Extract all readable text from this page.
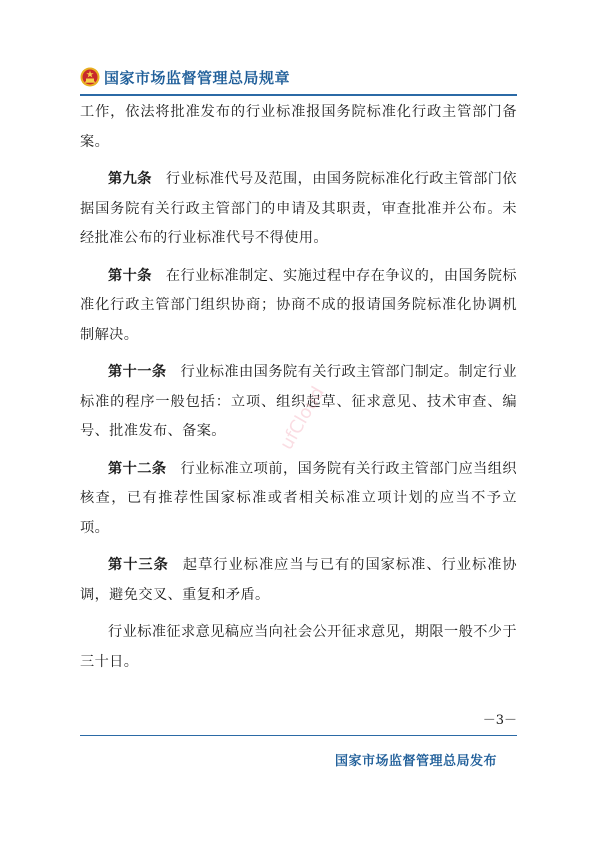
国家市场监督管理总局规章

工作，依法将批准发布的行业标准报国务院标准化行政主管部门备案。

第九条 行业标准代号及范围，由国务院标准化行政主管部门依据国务院有关行政主管部门的申请及其职责，审查批准并公布。未经批准公布的行业标准代号不得使用。

第十条 在行业标准制定、实施过程中存在争议的，由国务院标准化行政主管部门组织协商；协商不成的报请国务院标准化协调机制解决。

第十一条 行业标准由国务院有关行政主管部门制定。制定行业标准的程序一般包括：立项、组织起草、征求意见、技术审查、编号、批准发布、备案。

第十二条 行业标准立项前，国务院有关行政主管部门应当组织核查，已有推荐性国家标准或者相关标准立项计划的应当不予立项。

第十三条 起草行业标准应当与已有的国家标准、行业标准协调，避免交叉、重复和矛盾。

行业标准征求意见稿应当向社会公开征求意见，期限一般不少于三十日。

ufCloud
－3－
国家市场监督管理总局发布
